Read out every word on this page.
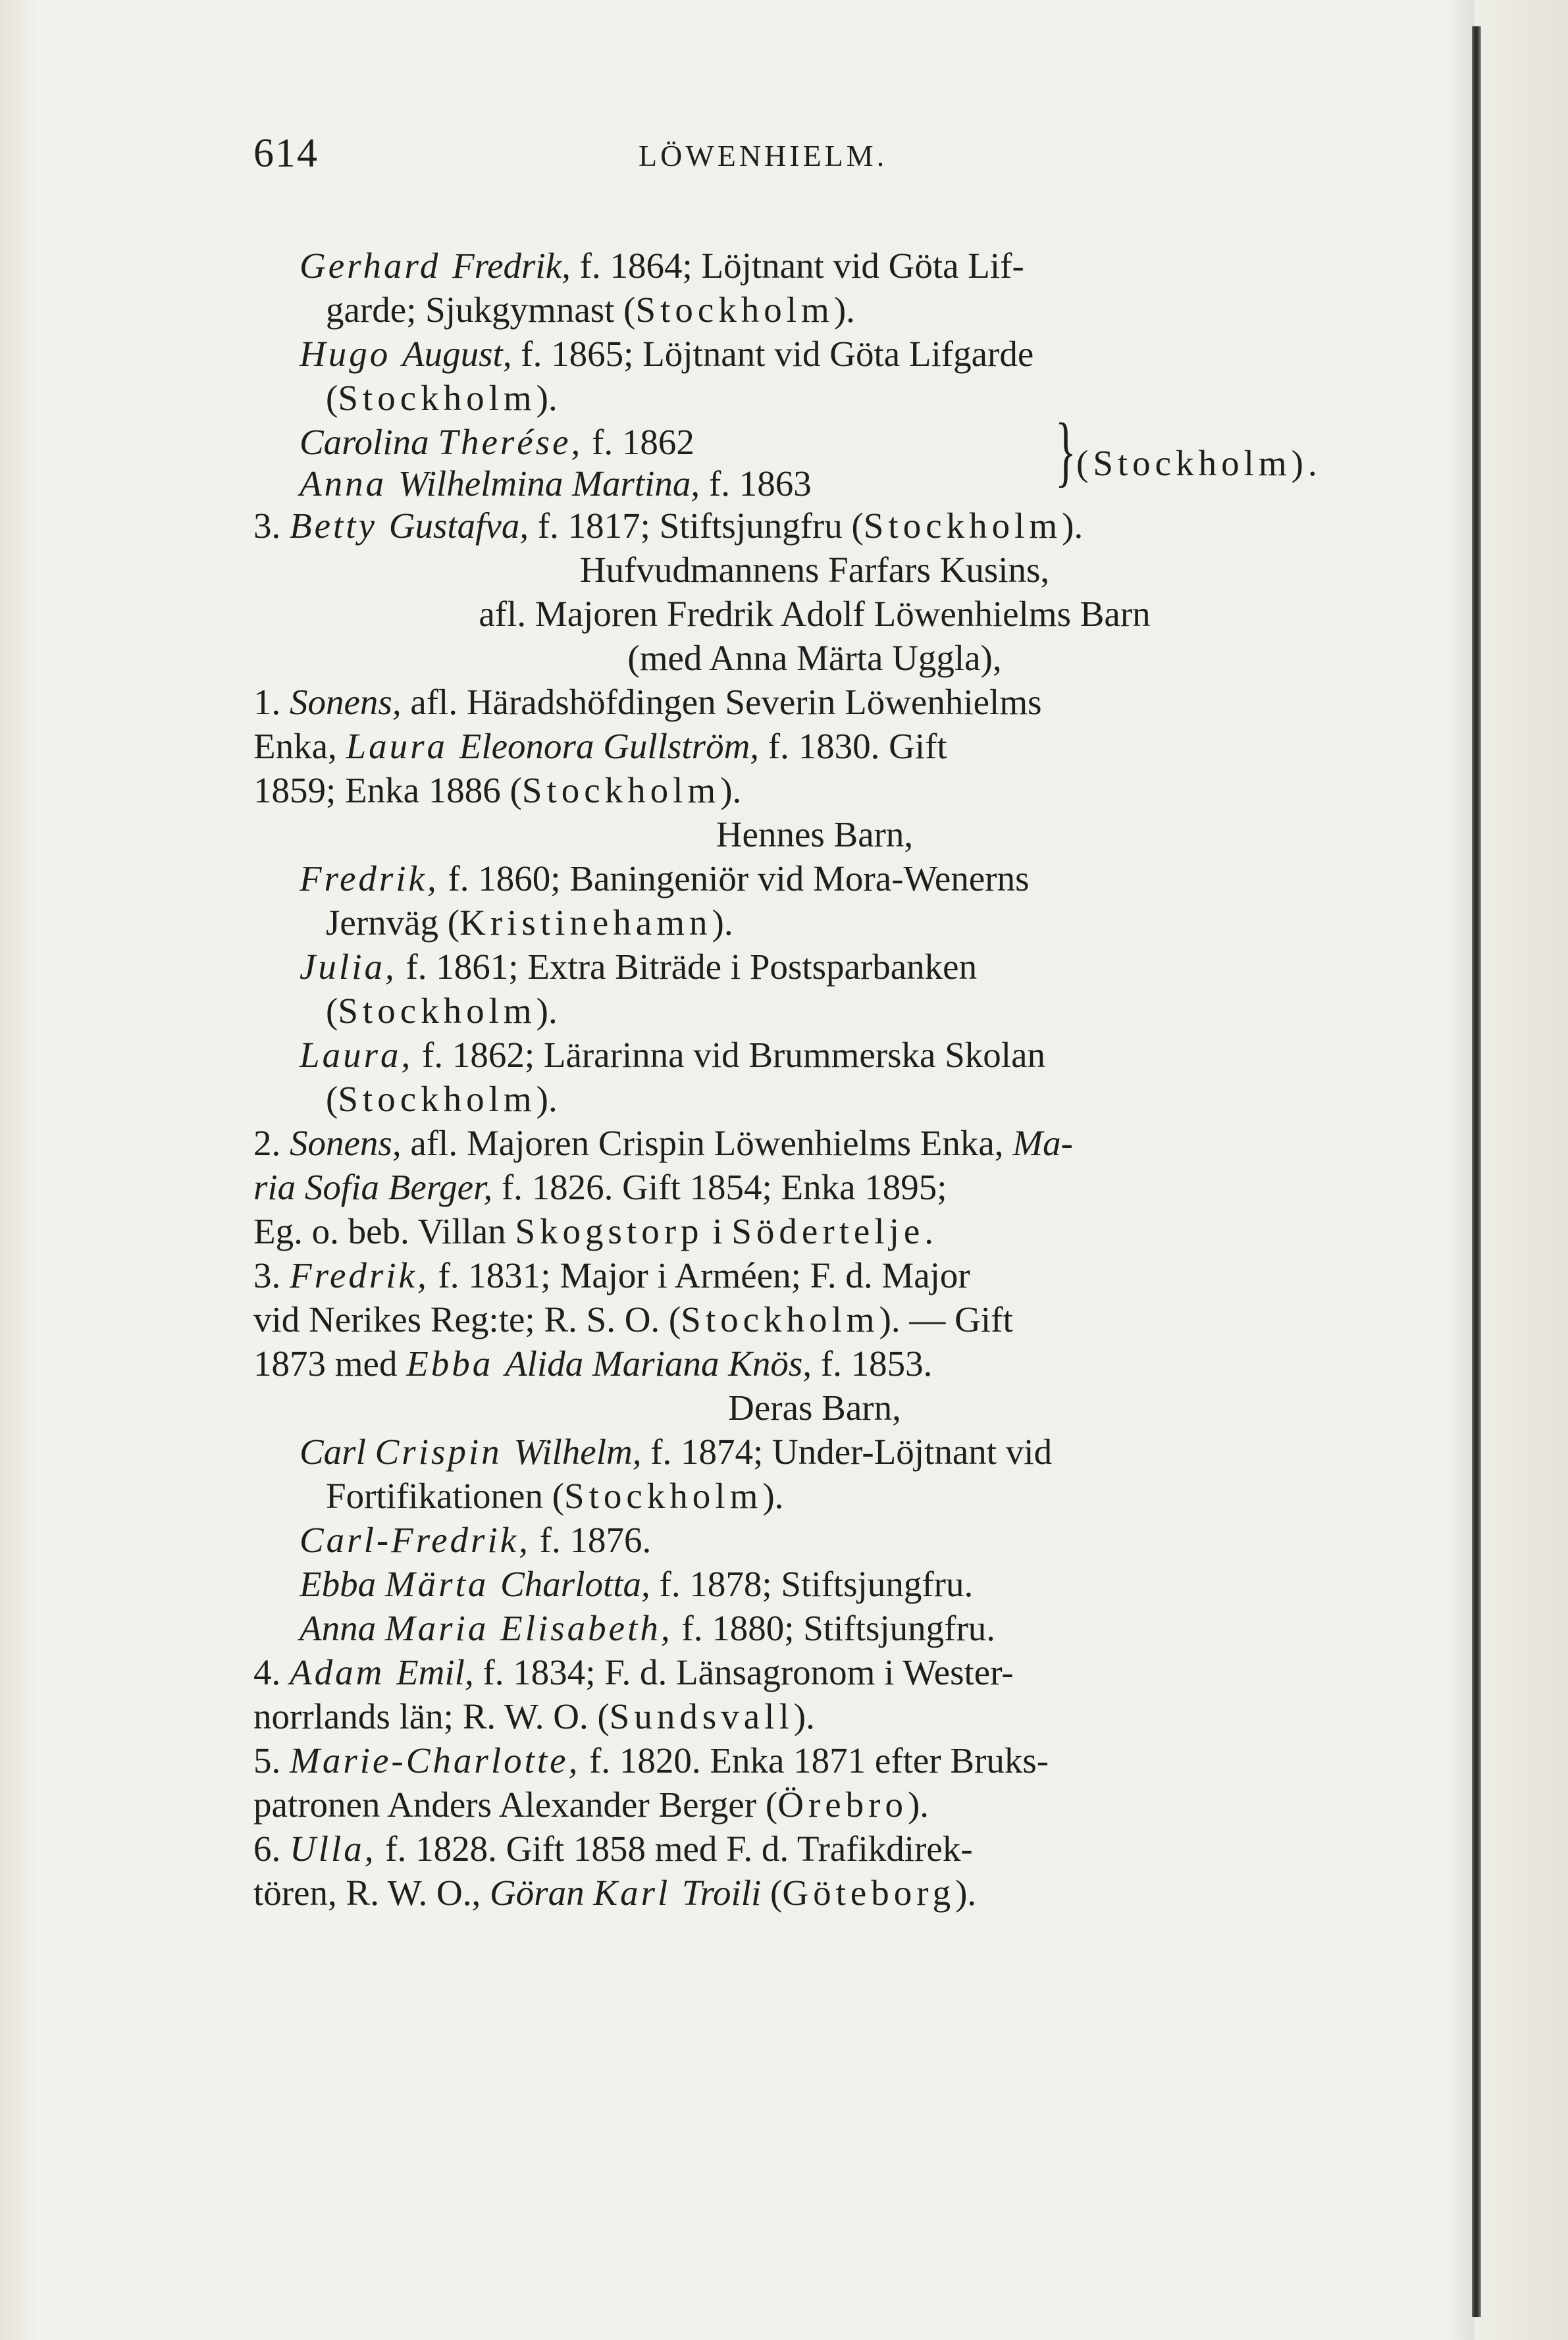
614	LÖWENHIELM.
Gerhard Fredrik, f. 1864; Löjtnant vid Göta Lif-
garde; Sjukgymnast (Stockholm).
Hugo August, f. 1865; Löjtnant vid Göta Lifgarde
(Stockholm).
Carolina Therése, f. 1862
Anna Wilhelmina Martina, f. 1863
3. Betty Gustafva, f. 1817; Stiftsjungfru (Stockholm).
Hufvudmannens Farfars Kusins,
afl. Majoren Fredrik Adolf Löwenhielms Barn
(med Anna Märta Uggla),
1. Sonens, afl. Häradshöfdingen Severin Löwenhielms
Enka, Laura Eleonora Gullström, f. 1830. Gift
1859; Enka 1886 (Stockholm).
Hennes Barn,
Fredrik, f. 1860; Baningeniör vid Mora-Wenerns
Jernväg (Kristinehamn).
Julia, f. 1861; Extra Biträde i Postsparbanken
(Stockholm).
Laura, f. 1862; Lärarinna vid Brummerska Skolan
(Stockholm).
2. Sonens, afl. Majoren Crispin Löwenhielms Enka, Ma-
ria Sofia Berger, f. 1826. Gift 1854; Enka 1895;
Eg. o. beb. Villan Skogstorp i Södertelje.
3. Fredrik, f. 1831; Major i Arméen; F. d. Major
vid Nerikes Reg:te; R. S. O. (Stockholm). — Gift
1873 med Ebba Alida Mariana Knös, f. 1853.
Deras Barn,
Carl Crispin Wilhelm, f. 1874; Under-Löjtnant vid
Fortifikationen (Stockholm).
Carl-Fredrik, f. 1876.
Ebba Märta Charlotta, f. 1878; Stiftsjungfru.
Anna Maria Elisabeth, f. 1880; Stiftsjungfru.
4. Adam Emil, f. 1834; F. d. Länsagronom i Wester-
norrlands län; R. W. O. (Sundsvall).
5. Marie-Charlotte, f. 1820. Enka 1871 efter Bruks-
patronen Anders Alexander Berger (Örebro).
6. Ulla, f. 1828. Gift 1858 med F. d. Trafikdirek-
tören, R. W. O., Göran Karl Troili (Göteborg).
} (Stockholm).
